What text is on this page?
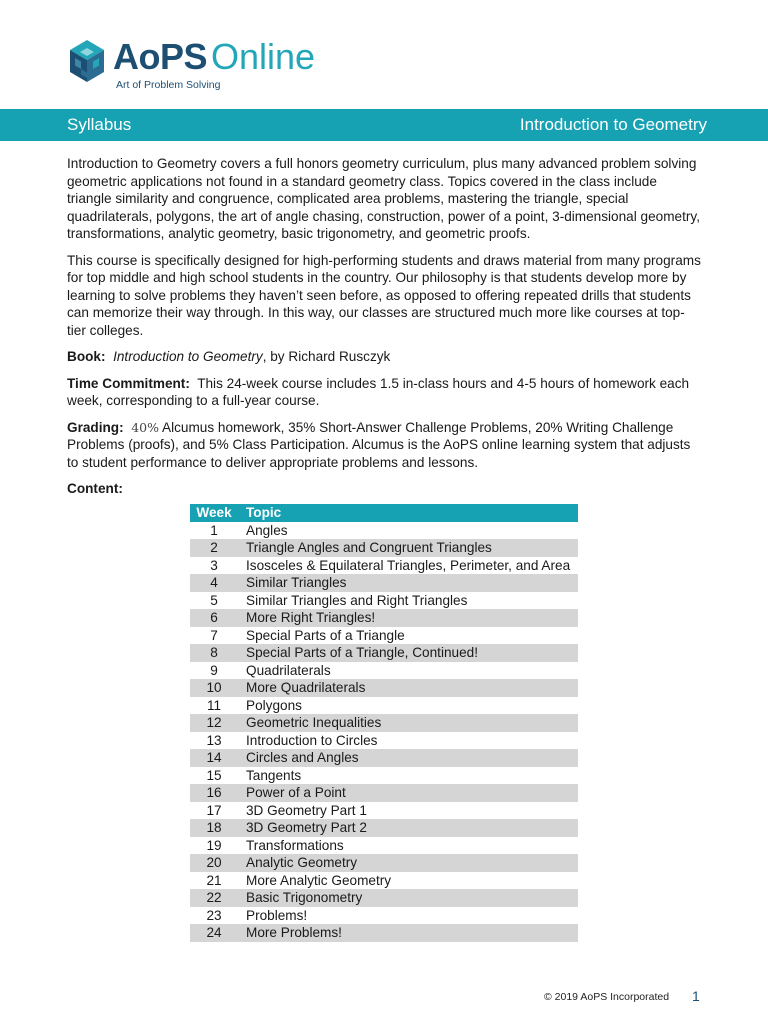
AoPS Online
Art of Problem Solving
Syllabus	Introduction to Geometry

Introduction to Geometry covers a full honors geometry curriculum, plus many advanced problem solving geometric applications not found in a standard geometry class. Topics covered in the class include triangle similarity and congruence, complicated area problems, mastering the triangle, special quadrilaterals, polygons, the art of angle chasing, construction, power of a point, 3-dimensional geometry, transformations, analytic geometry, basic trigonometry, and geometric proofs.

This course is specifically designed for high-performing students and draws material from many programs for top middle and high school students in the country. Our philosophy is that students develop more by learning to solve problems they haven’t seen before, as opposed to offering repeated drills that students can memorize their way through. In this way, our classes are structured much more like courses at top-tier colleges.

Book: Introduction to Geometry, by Richard Rusczyk

Time Commitment: This 24-week course includes 1.5 in-class hours and 4-5 hours of homework each week, corresponding to a full-year course.

Grading: 40% Alcumus homework, 35% Short-Answer Challenge Problems, 20% Writing Challenge Problems (proofs), and 5% Class Participation. Alcumus is the AoPS online learning system that adjusts to student performance to deliver appropriate problems and lessons.

Content:

Week	Topic
1	Angles
2	Triangle Angles and Congruent Triangles
3	Isosceles & Equilateral Triangles, Perimeter, and Area
4	Similar Triangles
5	Similar Triangles and Right Triangles
6	More Right Triangles!
7	Special Parts of a Triangle
8	Special Parts of a Triangle, Continued!
9	Quadrilaterals
10	More Quadrilaterals
11	Polygons
12	Geometric Inequalities
13	Introduction to Circles
14	Circles and Angles
15	Tangents
16	Power of a Point
17	3D Geometry Part 1
18	3D Geometry Part 2
19	Transformations
20	Analytic Geometry
21	More Analytic Geometry
22	Basic Trigonometry
23	Problems!
24	More Problems!
© 2019 AoPS Incorporated 1
